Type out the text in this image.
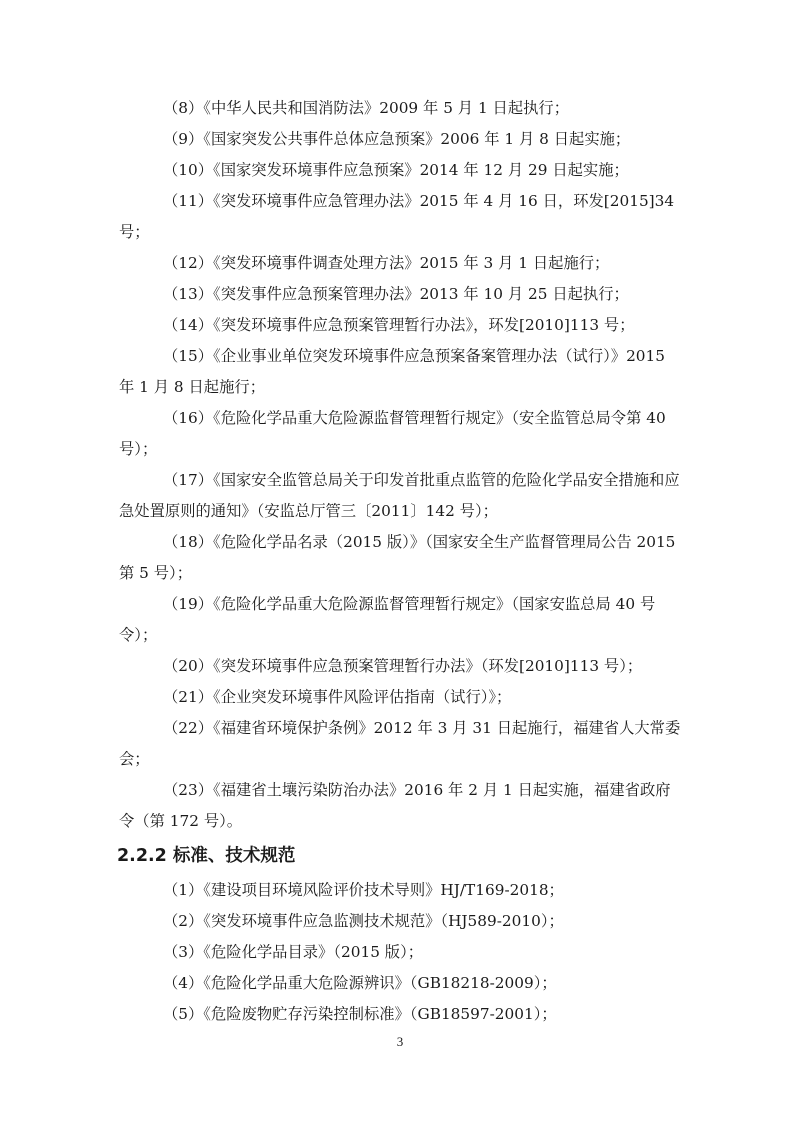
（8）《中华人民共和国消防法》2009 年 5 月 1 日起执行；

（9）《国家突发公共事件总体应急预案》2006 年 1 月 8 日起实施；

（10）《国家突发环境事件应急预案》2014 年 12 月 29 日起实施；

（11）《突发环境事件应急管理办法》2015 年 4 月 16 日，环发[2015]34 号；

（12）《突发环境事件调查处理方法》2015 年 3 月 1 日起施行；

（13）《突发事件应急预案管理办法》2013 年 10 月 25 日起执行；

（14）《突发环境事件应急预案管理暂行办法》，环发[2010]113 号；

（15）《企业事业单位突发环境事件应急预案备案管理办法（试行）》2015 年 1 月 8 日起施行；

（16）《危险化学品重大危险源监督管理暂行规定》（安全监管总局令第 40 号）；

（17）《国家安全监管总局关于印发首批重点监管的危险化学品安全措施和应急处置原则的通知》（安监总厅管三〔2011〕142 号）；

（18）《危险化学品名录（2015 版）》（国家安全生产监督管理局公告 2015 第 5 号）；

（19）《危险化学品重大危险源监督管理暂行规定》（国家安监总局 40 号令）；

（20）《突发环境事件应急预案管理暂行办法》（环发[2010]113 号）；

（21）《企业突发环境事件风险评估指南（试行）》；

（22）《福建省环境保护条例》2012 年 3 月 31 日起施行，福建省人大常委会；

（23）《福建省土壤污染防治办法》2016 年 2 月 1 日起实施，福建省政府令（第 172 号）。

2.2.2 标准、技术规范

（1）《建设项目环境风险评价技术导则》HJ/T169-2018；

（2）《突发环境事件应急监测技术规范》（HJ589-2010）；

（3）《危险化学品目录》（2015 版）；

（4）《危险化学品重大危险源辨识》（GB18218-2009）；

（5）《危险废物贮存污染控制标准》（GB18597-2001）；

3
